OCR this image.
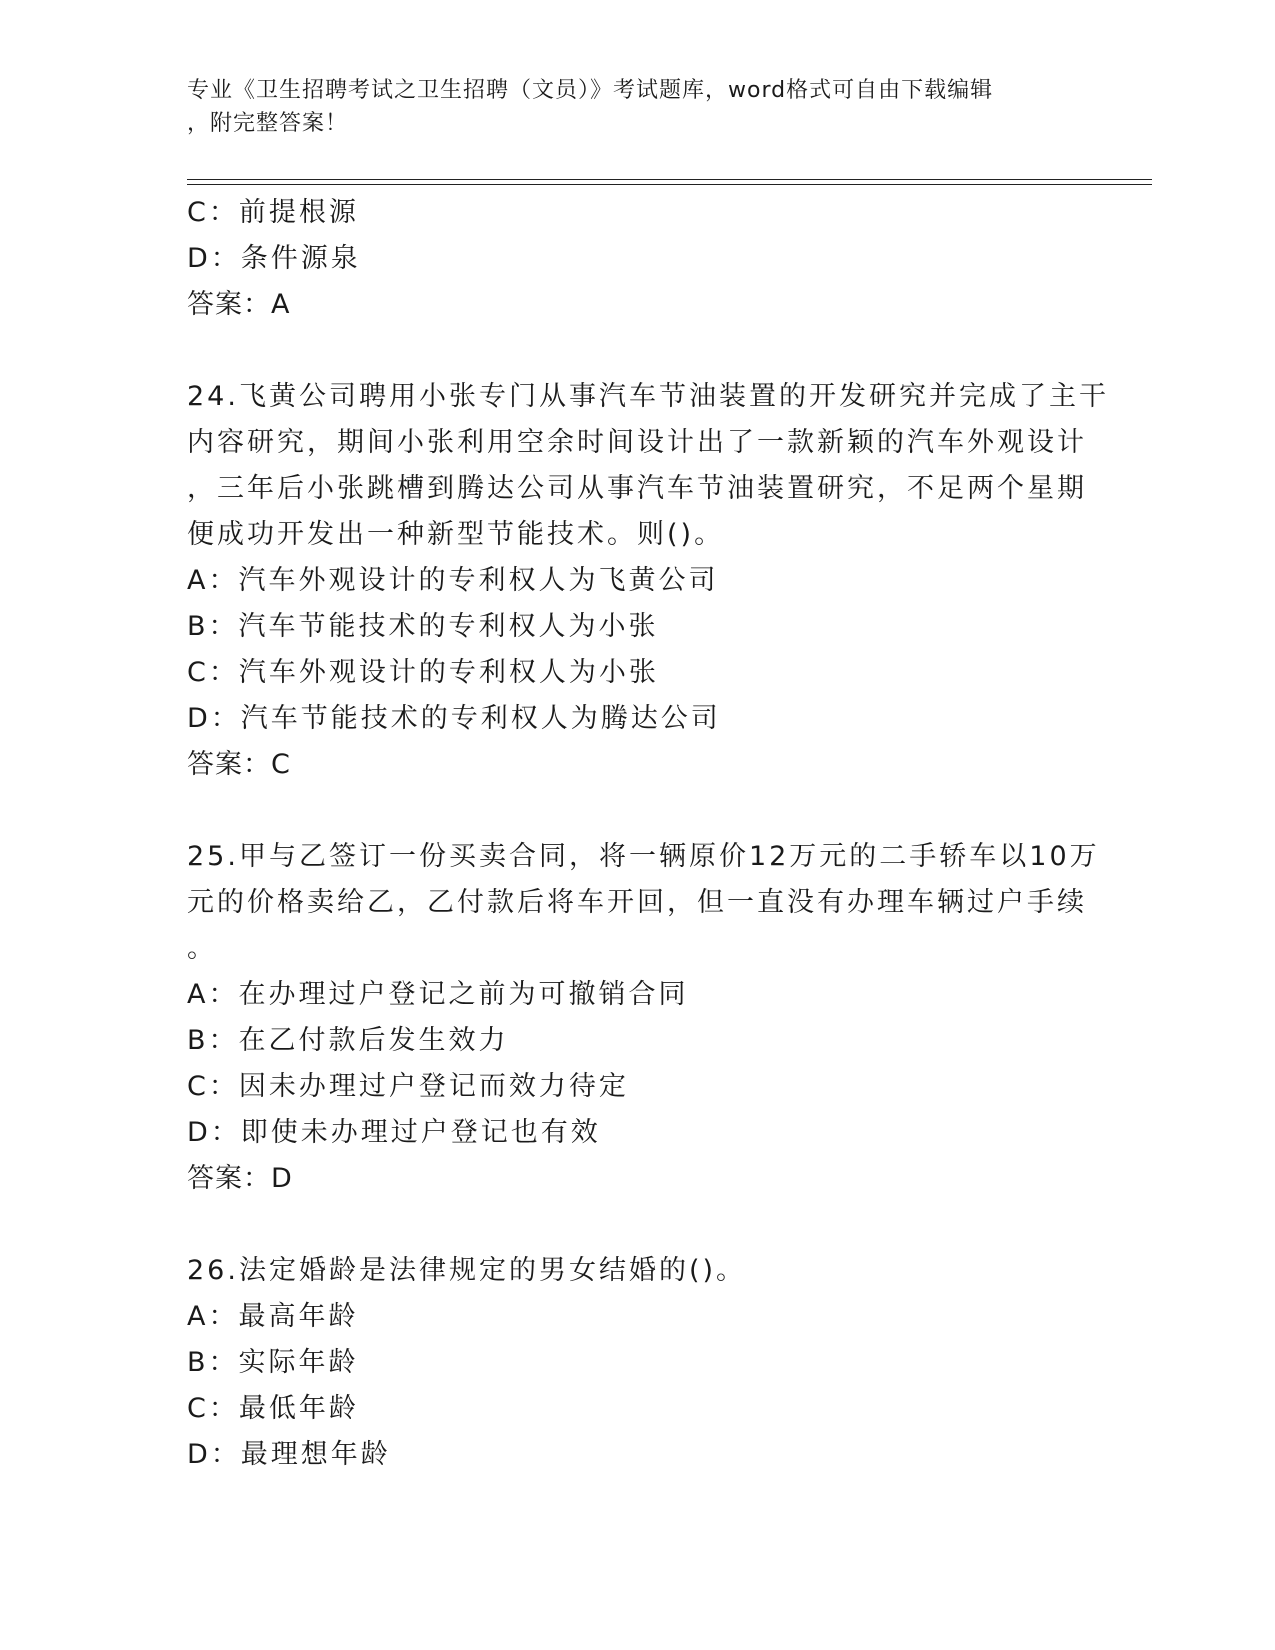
专业《卫生招聘考试之卫生招聘（文员）》考试题库，word格式可自由下载编辑
，附完整答案！
C：前提根源
D：条件源泉
答案：A
24.飞黄公司聘用小张专门从事汽车节油装置的开发研究并完成了主干
内容研究，期间小张利用空余时间设计出了一款新颖的汽车外观设计
，三年后小张跳槽到腾达公司从事汽车节油装置研究，不足两个星期
便成功开发出一种新型节能技术。则()。
A：汽车外观设计的专利权人为飞黄公司
B：汽车节能技术的专利权人为小张
C：汽车外观设计的专利权人为小张
D：汽车节能技术的专利权人为腾达公司
答案：C
25.甲与乙签订一份买卖合同，将一辆原价12万元的二手轿车以10万
元的价格卖给乙，乙付款后将车开回，但一直没有办理车辆过户手续
。
A：在办理过户登记之前为可撤销合同
B：在乙付款后发生效力
C：因未办理过户登记而效力待定
D：即使未办理过户登记也有效
答案：D
26.法定婚龄是法律规定的男女结婚的()。
A：最高年龄
B：实际年龄
C：最低年龄
D：最理想年龄
